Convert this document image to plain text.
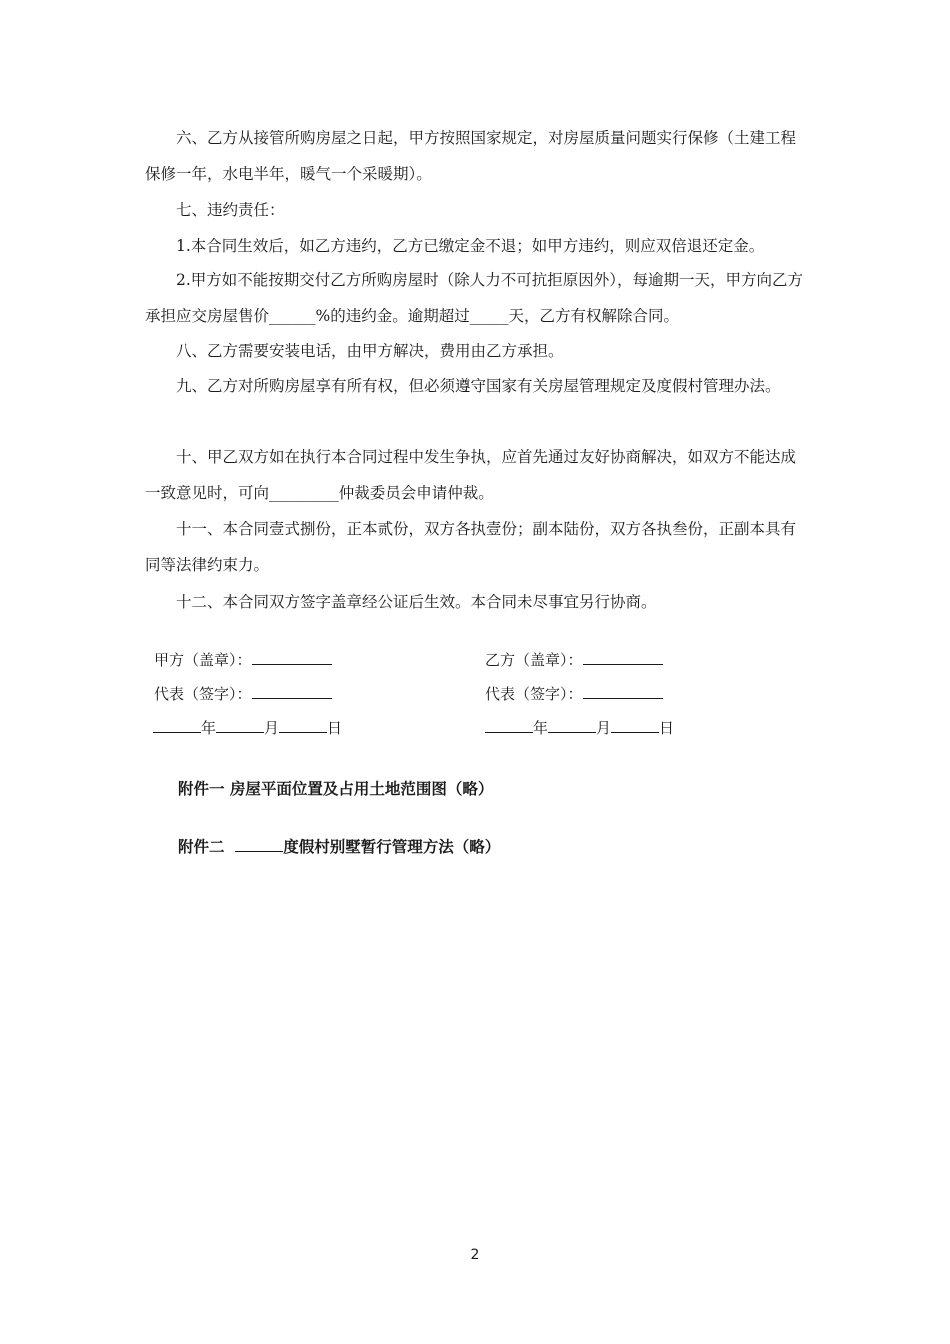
六、乙方从接管所购房屋之日起，甲方按照国家规定，对房屋质量问题实行保修（土建工程保修一年，水电半年，暖气一个采暖期）。

七、违约责任：

1.本合同生效后，如乙方违约，乙方已缴定金不退；如甲方违约，则应双倍退还定金。

2.甲方如不能按期交付乙方所购房屋时（除人力不可抗拒原因外），每逾期一天，甲方向乙方承担应交房屋售价______%的违约金。逾期超过_____天，乙方有权解除合同。

八、乙方需要安装电话，由甲方解决，费用由乙方承担。

九、乙方对所购房屋享有所有权，但必须遵守国家有关房屋管理规定及度假村管理办法。

十、甲乙双方如在执行本合同过程中发生争执，应首先通过友好协商解决，如双方不能达成一致意见时，可向_________仲裁委员会申请仲裁。

十一、本合同壹式捌份，正本贰份，双方各执壹份；副本陆份，双方各执叁份，正副本具有同等法律约束力。

十二、本合同双方签字盖章经公证后生效。本合同未尽事宜另行协商。

甲方（盖章）：
代表（签字）：
年	月	日
乙方（盖章）：
代表（签字）：
年	月	日
附件一 房屋平面位置及占用土地范围图（略）
附件二	度假村别墅暂行管理方法（略）
2
